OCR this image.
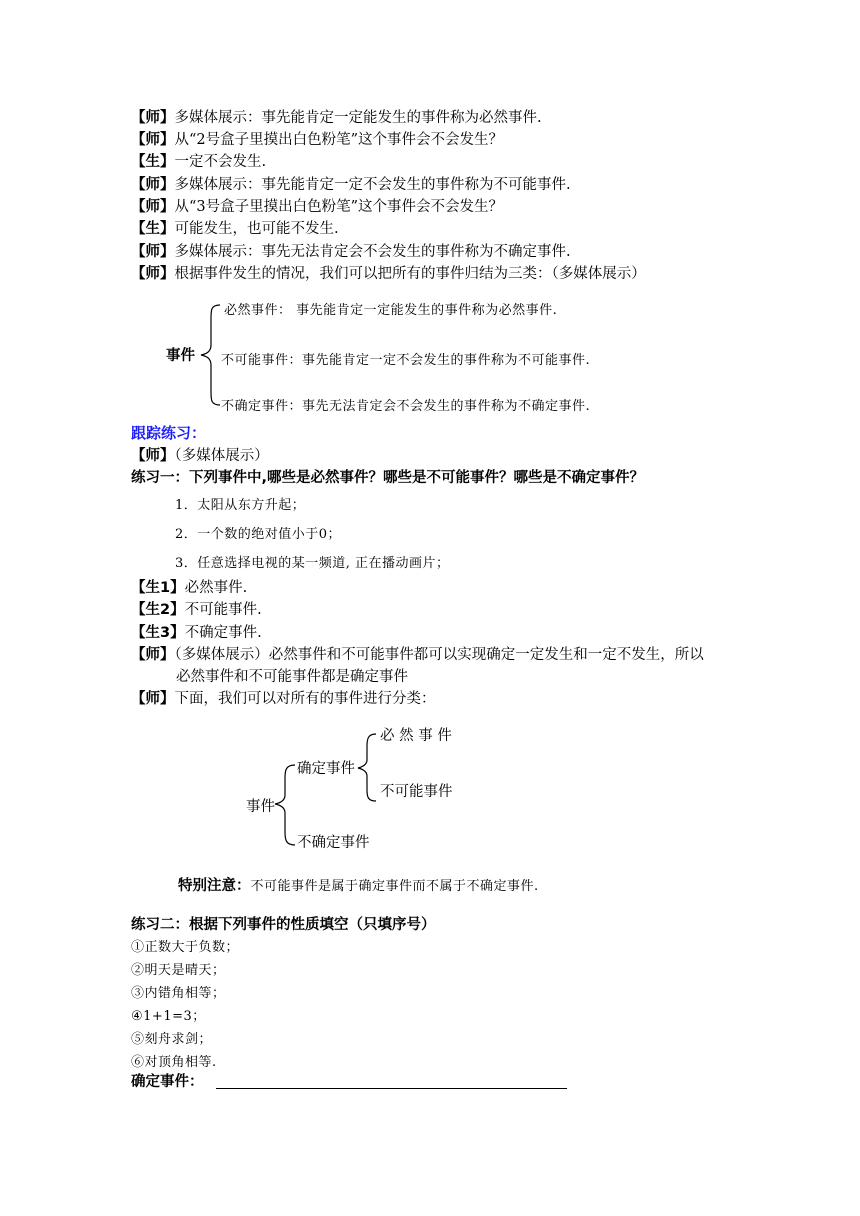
【师】多媒体展示：事先能肯定一定能发生的事件称为必然事件.
【师】从“2号盒子里摸出白色粉笔”这个事件会不会发生？
【生】一定不会发生.
【师】多媒体展示：事先能肯定一定不会发生的事件称为不可能事件.
【师】从“3号盒子里摸出白色粉笔”这个事件会不会发生？
【生】可能发生，也可能不发生.
【师】多媒体展示：事先无法肯定会不会发生的事件称为不确定事件.
【师】根据事件发生的情况，我们可以把所有的事件归结为三类：（多媒体展示）
事件
必然事件： 事先能肯定一定能发生的事件称为必然事件.
不可能事件：事先能肯定一定不会发生的事件称为不可能事件.
不确定事件：事先无法肯定会不会发生的事件称为不确定事件.
跟踪练习：
【师】（多媒体展示）
练习一：下列事件中,哪些是必然事件？哪些是不可能事件？哪些是不确定事件？
1．太阳从东方升起；
2．一个数的绝对值小于0；
3．任意选择电视的某一频道, 正在播动画片；
【生1】必然事件.
【生2】不可能事件.
【生3】不确定事件.
【师】（多媒体展示）必然事件和不可能事件都可以实现确定一定发生和一定不发生，所以
必然事件和不可能事件都是确定事件
【师】下面，我们可以对所有的事件进行分类：
必 然 事 件
确定事件
不可能事件
事件
不确定事件
特别注意：不可能事件是属于确定事件而不属于不确定事件.
练习二：根据下列事件的性质填空（只填序号）
①正数大于负数；
②明天是晴天；
③内错角相等；
④1+1=3；
⑤刻舟求剑；
⑥对顶角相等.
确定事件：
